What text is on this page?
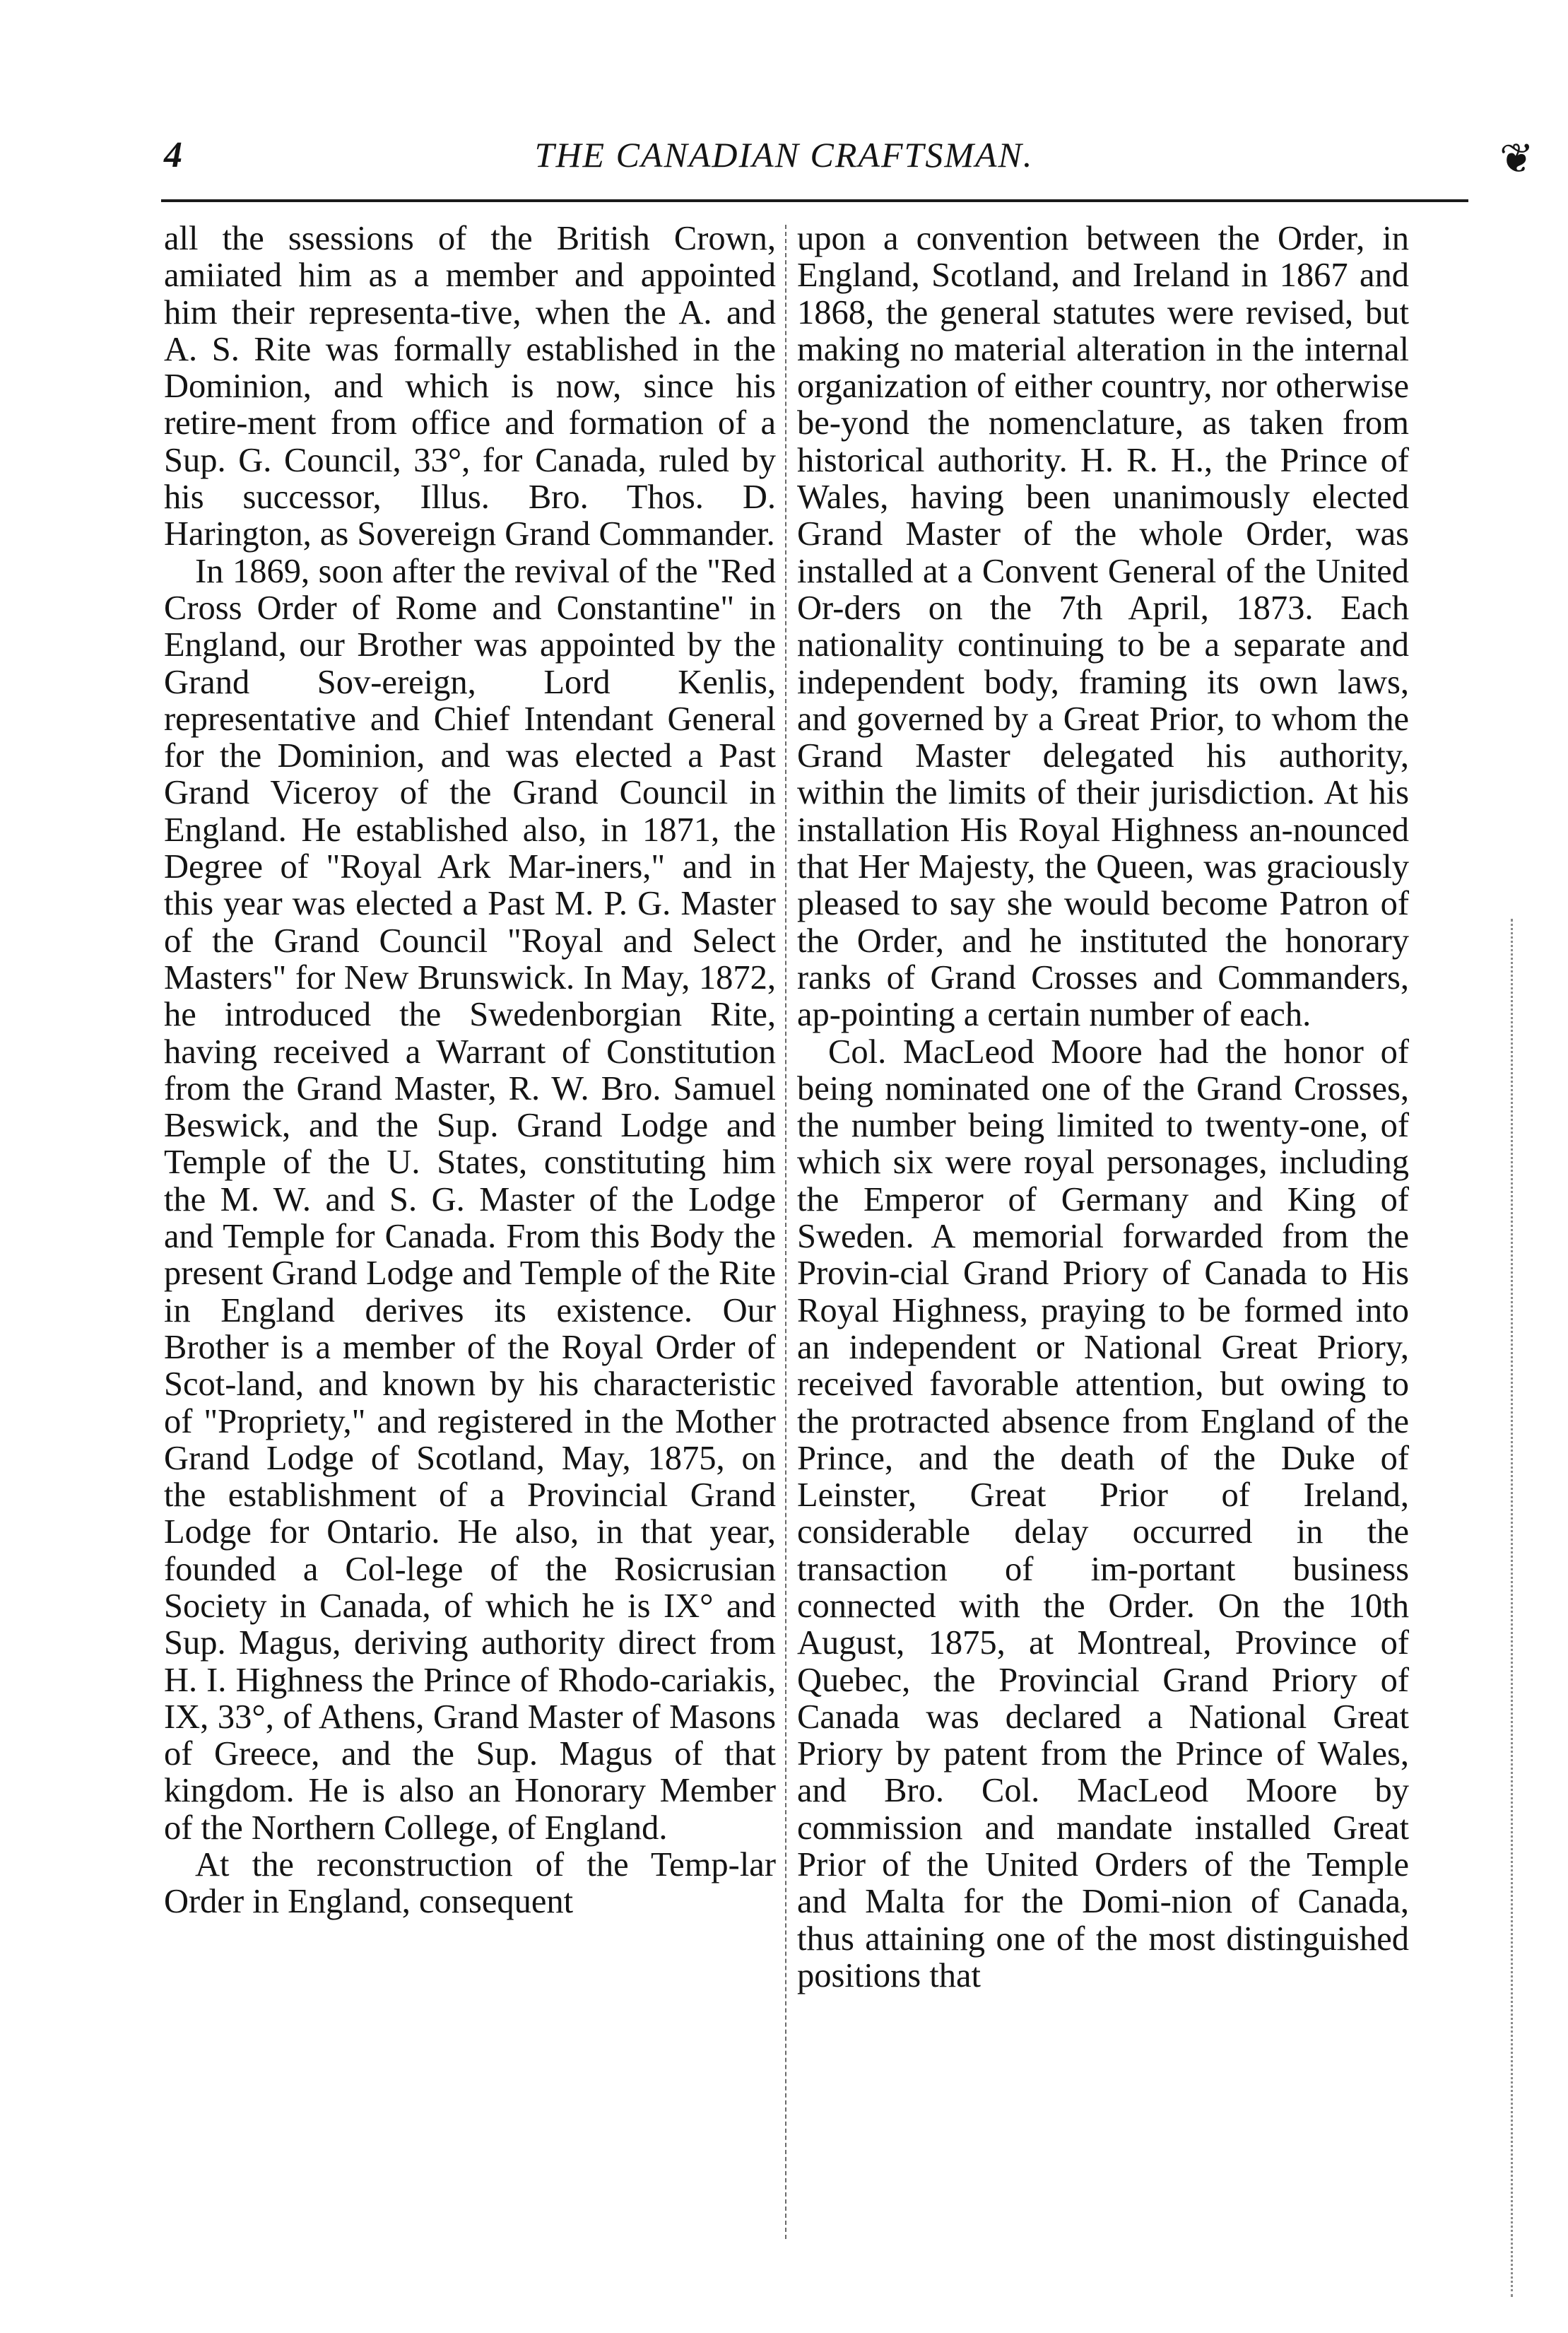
4	THE CANADIAN CRAFTSMAN.	❦

all the ssessions of the British Crown, amiiated him as a member and appointed him their representa-tive, when the A. and A. S. Rite was formally established in the Dominion, and which is now, since his retire-ment from office and formation of a Sup. G. Council, 33°, for Canada, ruled by his successor, Illus. Bro. Thos. D. Harington, as Sovereign Grand Commander.

In 1869, soon after the revival of the "Red Cross Order of Rome and Constantine" in England, our Brother was appointed by the Grand Sov-ereign, Lord Kenlis, representative and Chief Intendant General for the Dominion, and was elected a Past Grand Viceroy of the Grand Council in England. He established also, in 1871, the Degree of "Royal Ark Mar-iners," and in this year was elected a Past M. P. G. Master of the Grand Council "Royal and Select Masters" for New Brunswick. In May, 1872, he introduced the Swedenborgian Rite, having received a Warrant of Constitution from the Grand Master, R. W. Bro. Samuel Beswick, and the Sup. Grand Lodge and Temple of the U. States, constituting him the M. W. and S. G. Master of the Lodge and Temple for Canada. From this Body the present Grand Lodge and Temple of the Rite in England derives its existence. Our Brother is a member of the Royal Order of Scot-land, and known by his characteristic of "Propriety," and registered in the Mother Grand Lodge of Scotland, May, 1875, on the establishment of a Provincial Grand Lodge for Ontario. He also, in that year, founded a Col-lege of the Rosicrusian Society in Canada, of which he is IX° and Sup. Magus, deriving authority direct from H. I. Highness the Prince of Rhodo-cariakis, IX, 33°, of Athens, Grand Master of Masons of Greece, and the Sup. Magus of that kingdom. He is also an Honorary Member of the Northern College, of England.

At the reconstruction of the Temp-lar Order in England, consequent

upon a convention between the Order, in England, Scotland, and Ireland in 1867 and 1868, the general statutes were revised, but making no material alteration in the internal organization of either country, nor otherwise be-yond the nomenclature, as taken from historical authority. H. R. H., the Prince of Wales, having been unanimously elected Grand Master of the whole Order, was installed at a Convent General of the United Or-ders on the 7th April, 1873. Each nationality continuing to be a separate and independent body, framing its own laws, and governed by a Great Prior, to whom the Grand Master delegated his authority, within the limits of their jurisdiction. At his installation His Royal Highness an-nounced that Her Majesty, the Queen, was graciously pleased to say she would become Patron of the Order, and he instituted the honorary ranks of Grand Crosses and Commanders, ap-pointing a certain number of each.

Col. MacLeod Moore had the honor of being nominated one of the Grand Crosses, the number being limited to twenty-one, of which six were royal personages, including the Emperor of Germany and King of Sweden. A memorial forwarded from the Provin-cial Grand Priory of Canada to His Royal Highness, praying to be formed into an independent or National Great Priory, received favorable attention, but owing to the protracted absence from England of the Prince, and the death of the Duke of Leinster, Great Prior of Ireland, considerable delay occurred in the transaction of im-portant business connected with the Order. On the 10th August, 1875, at Montreal, Province of Quebec, the Provincial Grand Priory of Canada was declared a National Great Priory by patent from the Prince of Wales, and Bro. Col. MacLeod Moore by commission and mandate installed Great Prior of the United Orders of the Temple and Malta for the Domi-nion of Canada, thus attaining one of the most distinguished positions that
